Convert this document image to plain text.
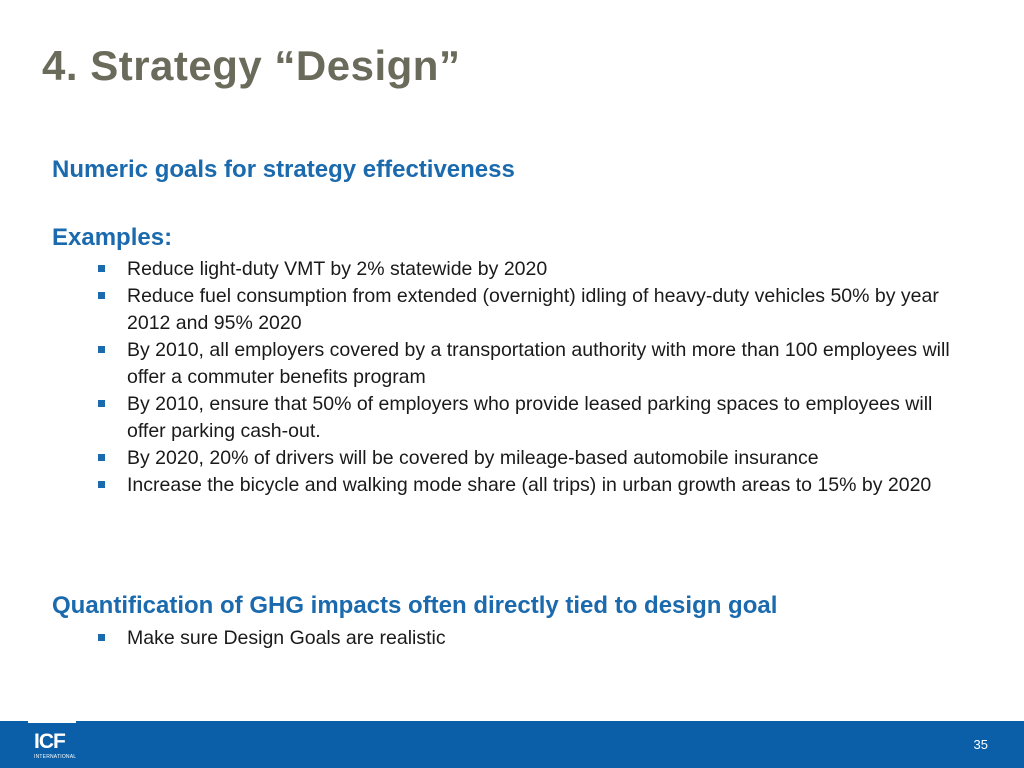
4. Strategy “Design”
Numeric goals for strategy effectiveness
Examples:
Reduce light-duty VMT by 2% statewide by 2020
Reduce fuel consumption from extended (overnight) idling of heavy-duty vehicles 50% by year 2012 and 95% 2020
By 2010, all employers covered by a transportation authority with more than 100 employees will offer a commuter benefits program
By 2010, ensure that 50% of employers who provide leased parking spaces to employees will offer parking cash-out.
By 2020, 20% of drivers will be covered by mileage-based automobile insurance
Increase the bicycle and walking mode share (all trips) in urban growth areas to 15% by 2020
Quantification of GHG impacts often directly tied to design goal
Make sure Design Goals are realistic
ICF
INTERNATIONAL
35
